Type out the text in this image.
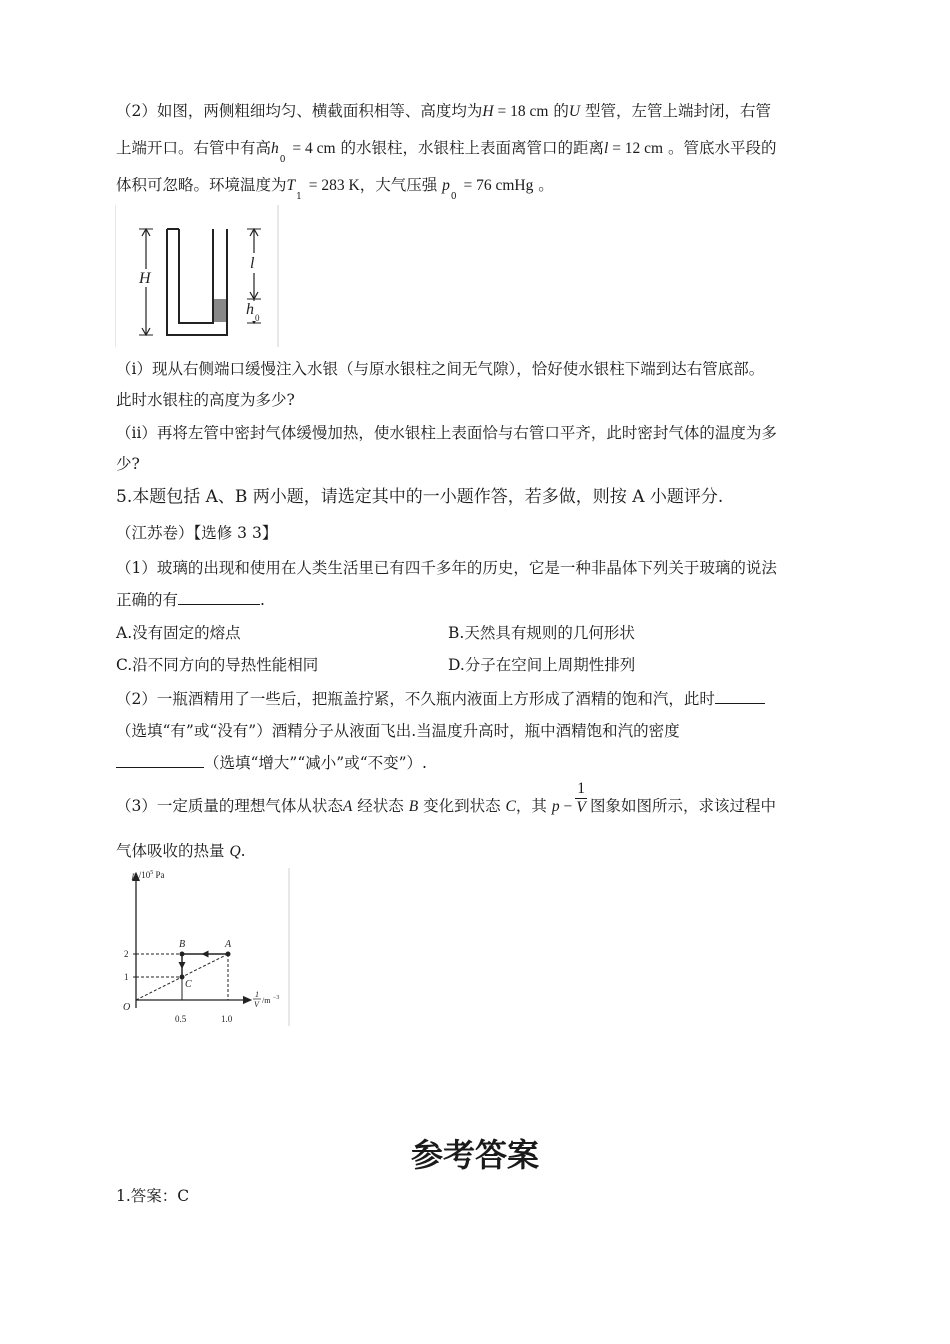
（2）如图，两侧粗细均匀、横截面积相等、高度均为H = 18 cm 的U 型管，左管上端封闭，右管
上端开口。右管中有高$h_0 = 4$ cm 的水银柱，水银柱上表面离管口的距离l = 12 cm 。管底水平段的
体积可忽略。环境温度为$T_1 = 283$ K，大气压强 $p_0 = 76$ cmHg 。
H
l
h 0
（i）现从右侧端口缓慢注入水银（与原水银柱之间无气隙），恰好使水银柱下端到达右管底部。
此时水银柱的高度为多少?
（ii）再将左管中密封气体缓慢加热，使水银柱上表面恰与右管口平齐，此时密封气体的温度为多
少?
5.本题包括 A、B 两小题，请选定其中的一小题作答，若多做，则按 A 小题评分.
（江苏卷）【选修 3 3】
（1）玻璃的出现和使用在人类生活里已有四千多年的历史，它是一种非晶体下列关于玻璃的说法
正确的有	.
A.没有固定的熔点	B.天然具有规则的几何形状
C.沿不同方向的导热性能相同	D.分子在空间上周期性排列
（2）一瓶酒精用了一些后，把瓶盖拧紧，不久瓶内液面上方形成了酒精的饱和汽，此时
（选填“有”或“没有”）酒精分子从液面飞出.当温度升高时，瓶中酒精饱和汽的密度
（选填“增大”“减小”或“不变”）.
（3）一定质量的理想气体从状态A 经状态 B 变化到状态 C，其 $p - \frac{1}{V}$ 图象如图所示，求该过程中
气体吸收的热量 Q.
A
B
C
0.5	1.0
1
2
p $/10^5$ Pa
1
V /m −3
O
参考答案
1.答案：C
